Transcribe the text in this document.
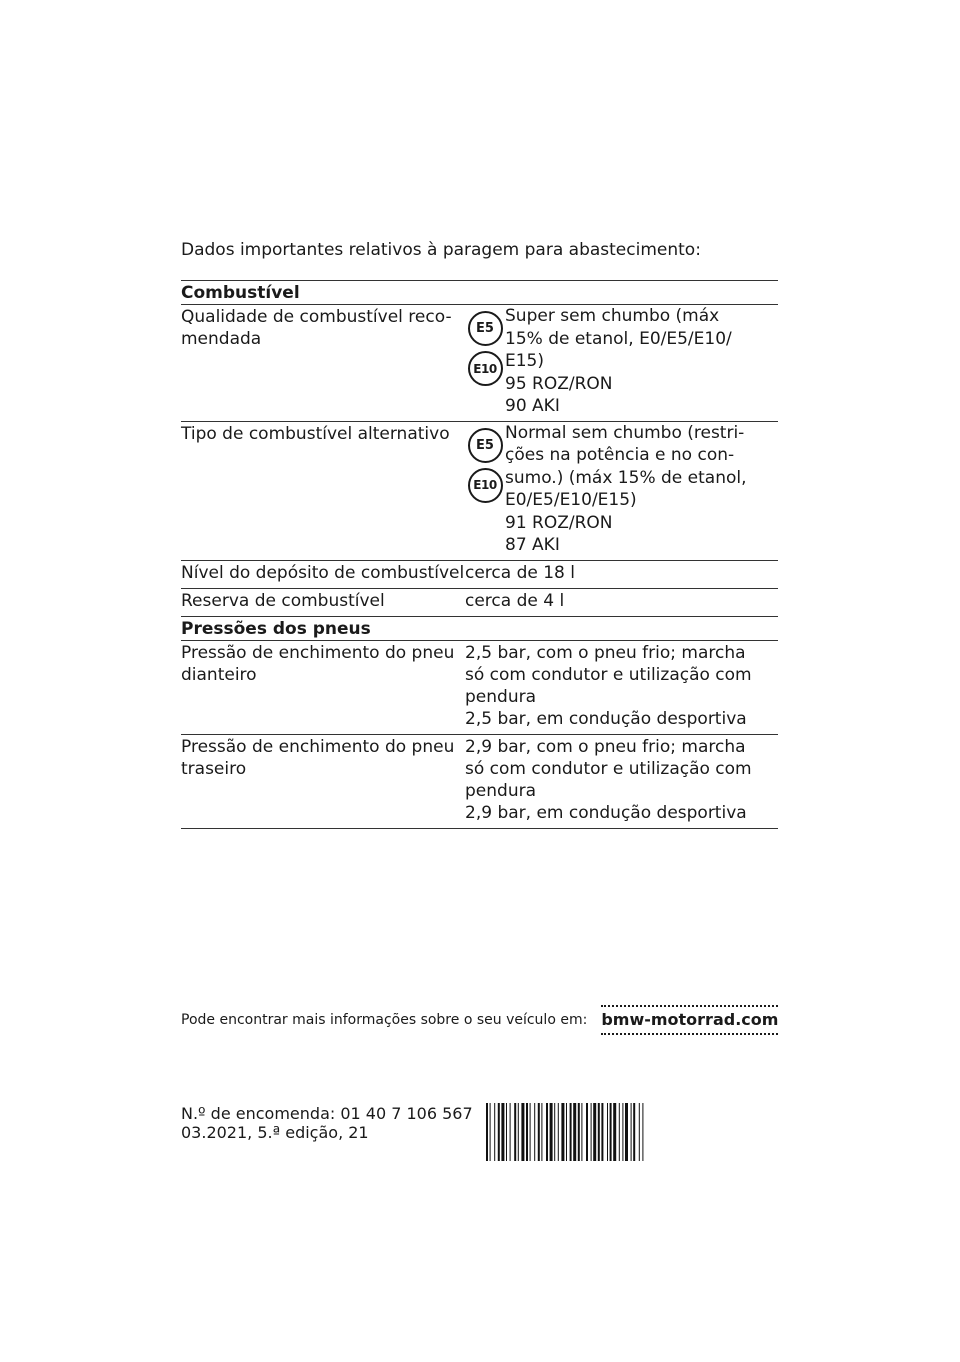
Dados importantes relativos à paragem para abastecimento:

Combustível
Qualidade de combustível reco-
mendada
E5
E10
Super sem chumbo (máx
15% de etanol, E0/E5/E10/
E15)
95 ROZ/RON
90 AKI
Tipo de combustível alternativo
E5
E10
Normal sem chumbo (restri-
ções na potência e no con-
sumo.) (máx 15% de etanol,
E0/E5/E10/E15)
91 ROZ/RON
87 AKI
Nível do depósito de combustível cerca de 18 l
Reserva de combustível	cerca de 4 l
Pressões dos pneus
Pressão de enchimento do pneu
dianteiro
2,5 bar, com o pneu frio; marcha
só com condutor e utilização com
pendura
2,5 bar, em condução desportiva
Pressão de enchimento do pneu
traseiro
2,9 bar, com o pneu frio; marcha
só com condutor e utilização com
pendura
2,9 bar, em condução desportiva
Pode encontrar mais informações sobre o seu veículo em: bmw-motorrad.com
N.º de encomenda: 01 40 7 106 567
03.2021, 5.ª edição, 21
